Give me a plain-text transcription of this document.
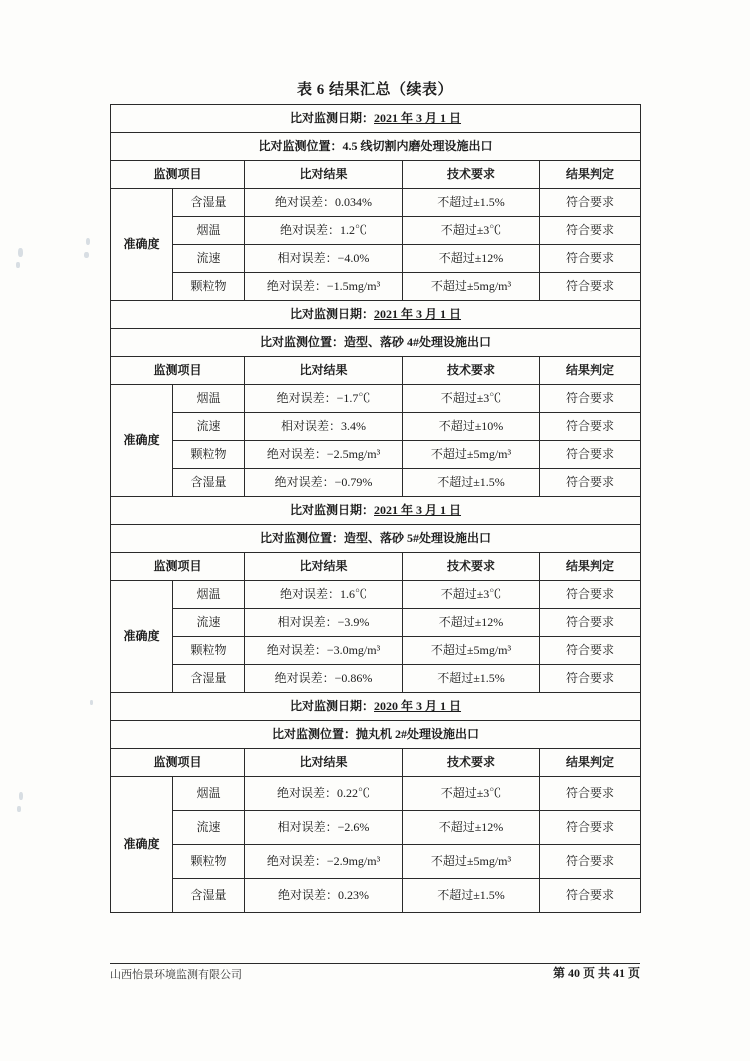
表 6 结果汇总（续表）
比对监测日期：2021 年 3 月 1 日				
比对监测位置：4.5 线切割内磨处理设施出口				
监测项目		比对结果	技术要求	结果判定
准确度	含湿量	绝对误差：0.034%	不超过±1.5%	符合要求
	烟温	绝对误差：1.2℃	不超过±3℃	符合要求
	流速	相对误差：−4.0%	不超过±12%	符合要求
	颗粒物	绝对误差：−1.5mg/m³	不超过±5mg/m³	符合要求
比对监测日期：2021 年 3 月 1 日				
比对监测位置：造型、落砂 4#处理设施出口				
监测项目		比对结果	技术要求	结果判定
准确度	烟温	绝对误差：−1.7℃	不超过±3℃	符合要求
	流速	相对误差：3.4%	不超过±10%	符合要求
	颗粒物	绝对误差：−2.5mg/m³	不超过±5mg/m³	符合要求
	含湿量	绝对误差：−0.79%	不超过±1.5%	符合要求
比对监测日期：2021 年 3 月 1 日				
比对监测位置：造型、落砂 5#处理设施出口				
监测项目		比对结果	技术要求	结果判定
准确度	烟温	绝对误差：1.6℃	不超过±3℃	符合要求
	流速	相对误差：−3.9%	不超过±12%	符合要求
	颗粒物	绝对误差：−3.0mg/m³	不超过±5mg/m³	符合要求
	含湿量	绝对误差：−0.86%	不超过±1.5%	符合要求
比对监测日期：2020 年 3 月 1 日				
比对监测位置：抛丸机 2#处理设施出口				
监测项目		比对结果	技术要求	结果判定
准确度	烟温	绝对误差：0.22℃	不超过±3℃	符合要求
	流速	相对误差：−2.6%	不超过±12%	符合要求
	颗粒物	绝对误差：−2.9mg/m³	不超过±5mg/m³	符合要求
	含湿量	绝对误差：0.23%	不超过±1.5%	符合要求
山西怡景环境监测有限公司	第 40 页 共 41 页
